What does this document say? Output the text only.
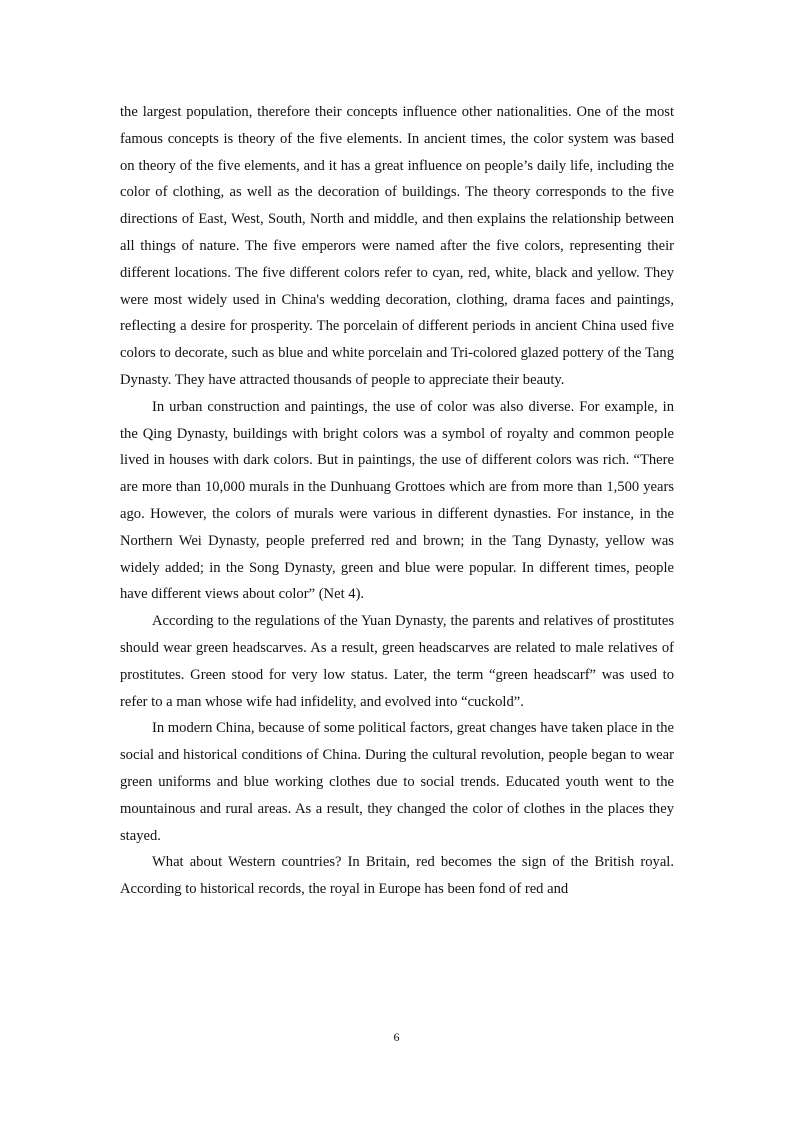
the largest population, therefore their concepts influence other nationalities. One of the most famous concepts is theory of the five elements. In ancient times, the color system was based on theory of the five elements, and it has a great influence on people’s daily life, including the color of clothing, as well as the decoration of buildings. The theory corresponds to the five directions of East, West, South, North and middle, and then explains the relationship between all things of nature. The five emperors were named after the five colors, representing their different locations. The five different colors refer to cyan, red, white, black and yellow. They were most widely used in China's wedding decoration, clothing, drama faces and paintings, reflecting a desire for prosperity. The porcelain of different periods in ancient China used five colors to decorate, such as blue and white porcelain and Tri-colored glazed pottery of the Tang Dynasty. They have attracted thousands of people to appreciate their beauty.

In urban construction and paintings, the use of color was also diverse. For example, in the Qing Dynasty, buildings with bright colors was a symbol of royalty and common people lived in houses with dark colors. But in paintings, the use of different colors was rich. “There are more than 10,000 murals in the Dunhuang Grottoes which are from more than 1,500 years ago. However, the colors of murals were various in different dynasties. For instance, in the Northern Wei Dynasty, people preferred red and brown; in the Tang Dynasty, yellow was widely added; in the Song Dynasty, green and blue were popular. In different times, people have different views about color” (Net 4).

According to the regulations of the Yuan Dynasty, the parents and relatives of prostitutes should wear green headscarves. As a result, green headscarves are related to male relatives of prostitutes. Green stood for very low status. Later, the term “green headscarf” was used to refer to a man whose wife had infidelity, and evolved into “cuckold”.

In modern China, because of some political factors, great changes have taken place in the social and historical conditions of China. During the cultural revolution, people began to wear green uniforms and blue working clothes due to social trends. Educated youth went to the mountainous and rural areas. As a result, they changed the color of clothes in the places they stayed.

What about Western countries? In Britain, red becomes the sign of the British royal. According to historical records, the royal in Europe has been fond of red and

6
